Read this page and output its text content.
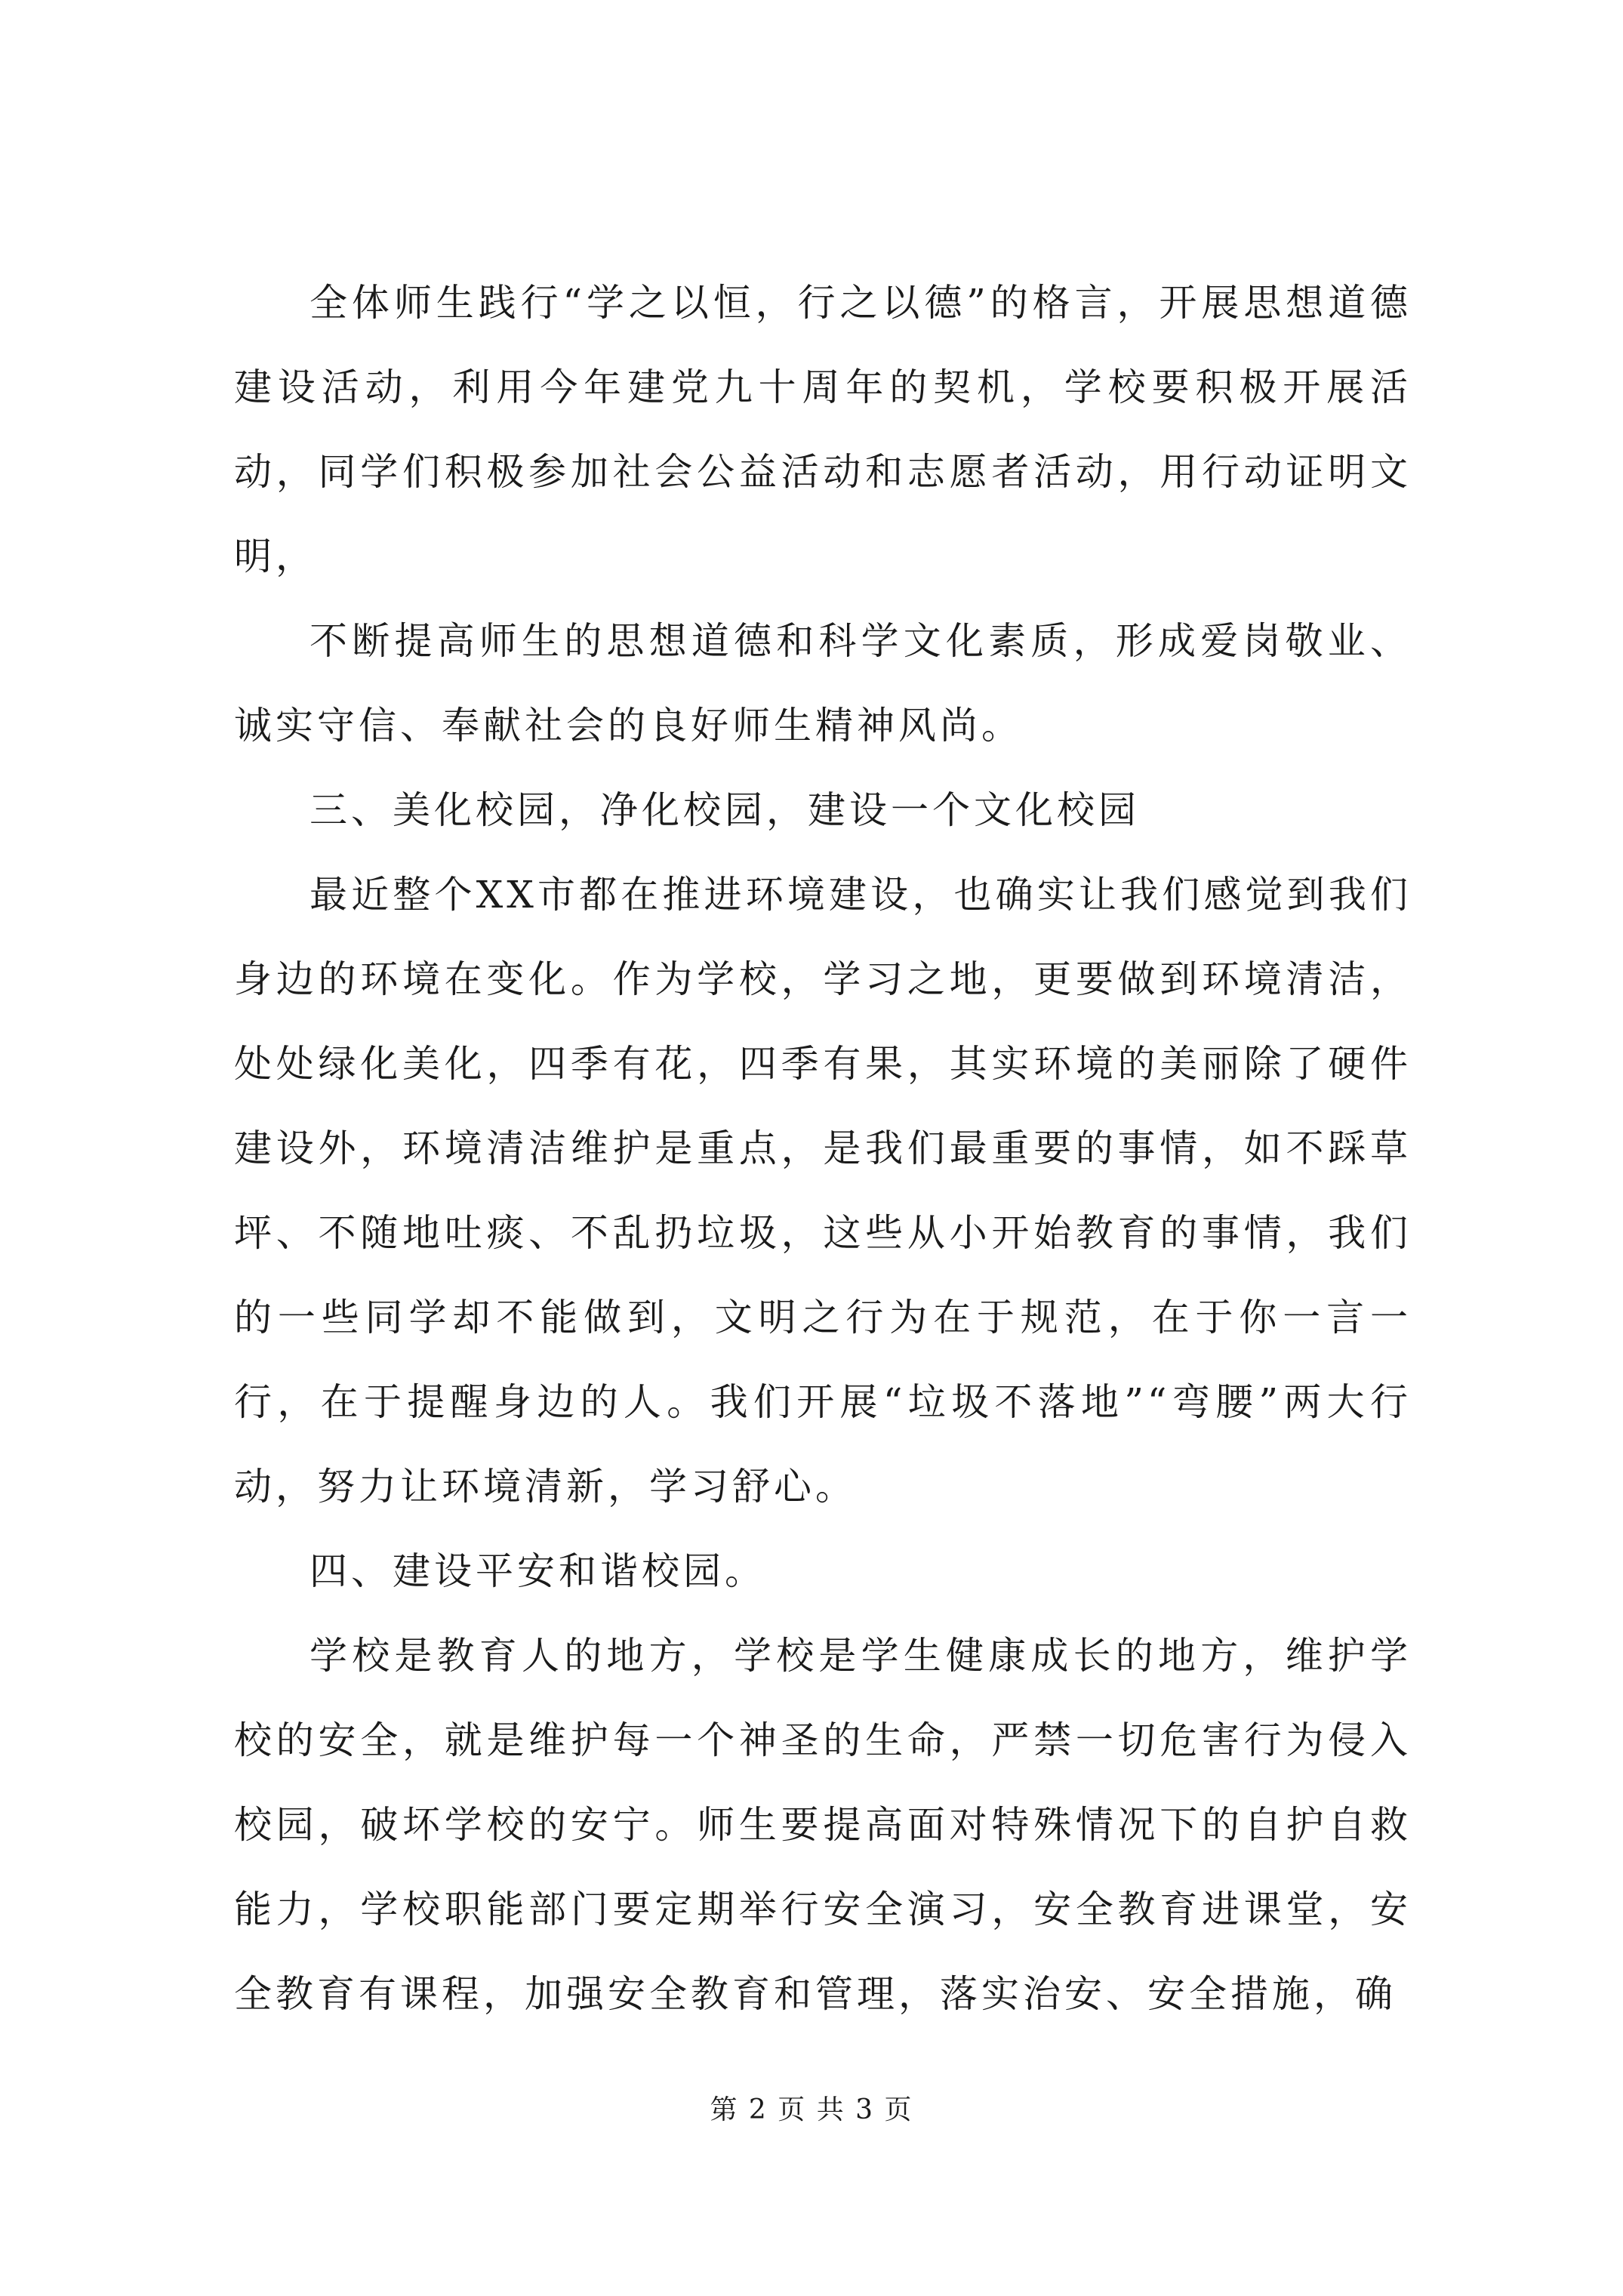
全体师生践行“学之以恒，行之以德”的格言，开展思想道德建设活动，利用今年建党九十周年的契机，学校要积极开展活动，同学们积极参加社会公益活动和志愿者活动，用行动证明文明，

不断提高师生的思想道德和科学文化素质，形成爱岗敬业、诚实守信、奉献社会的良好师生精神风尚。

三、美化校园，净化校园，建设一个文化校园

最近整个XX市都在推进环境建设，也确实让我们感觉到我们身边的环境在变化。作为学校，学习之地，更要做到环境清洁，处处绿化美化，四季有花，四季有果，其实环境的美丽除了硬件建设外，环境清洁维护是重点，是我们最重要的事情，如不踩草坪、不随地吐痰、不乱扔垃圾，这些从小开始教育的事情，我们的一些同学却不能做到，文明之行为在于规范，在于你一言一行，在于提醒身边的人。我们开展“垃圾不落地”“弯腰”两大行动，努力让环境清新，学习舒心。

四、建设平安和谐校园。

学校是教育人的地方，学校是学生健康成长的地方，维护学校的安全，就是维护每一个神圣的生命，严禁一切危害行为侵入校园，破坏学校的安宁。师生要提高面对特殊情况下的自护自救能力，学校职能部门要定期举行安全演习，安全教育进课堂，安全教育有课程，加强安全教育和管理，落实治安、安全措施，确

第 2 页 共 3 页
